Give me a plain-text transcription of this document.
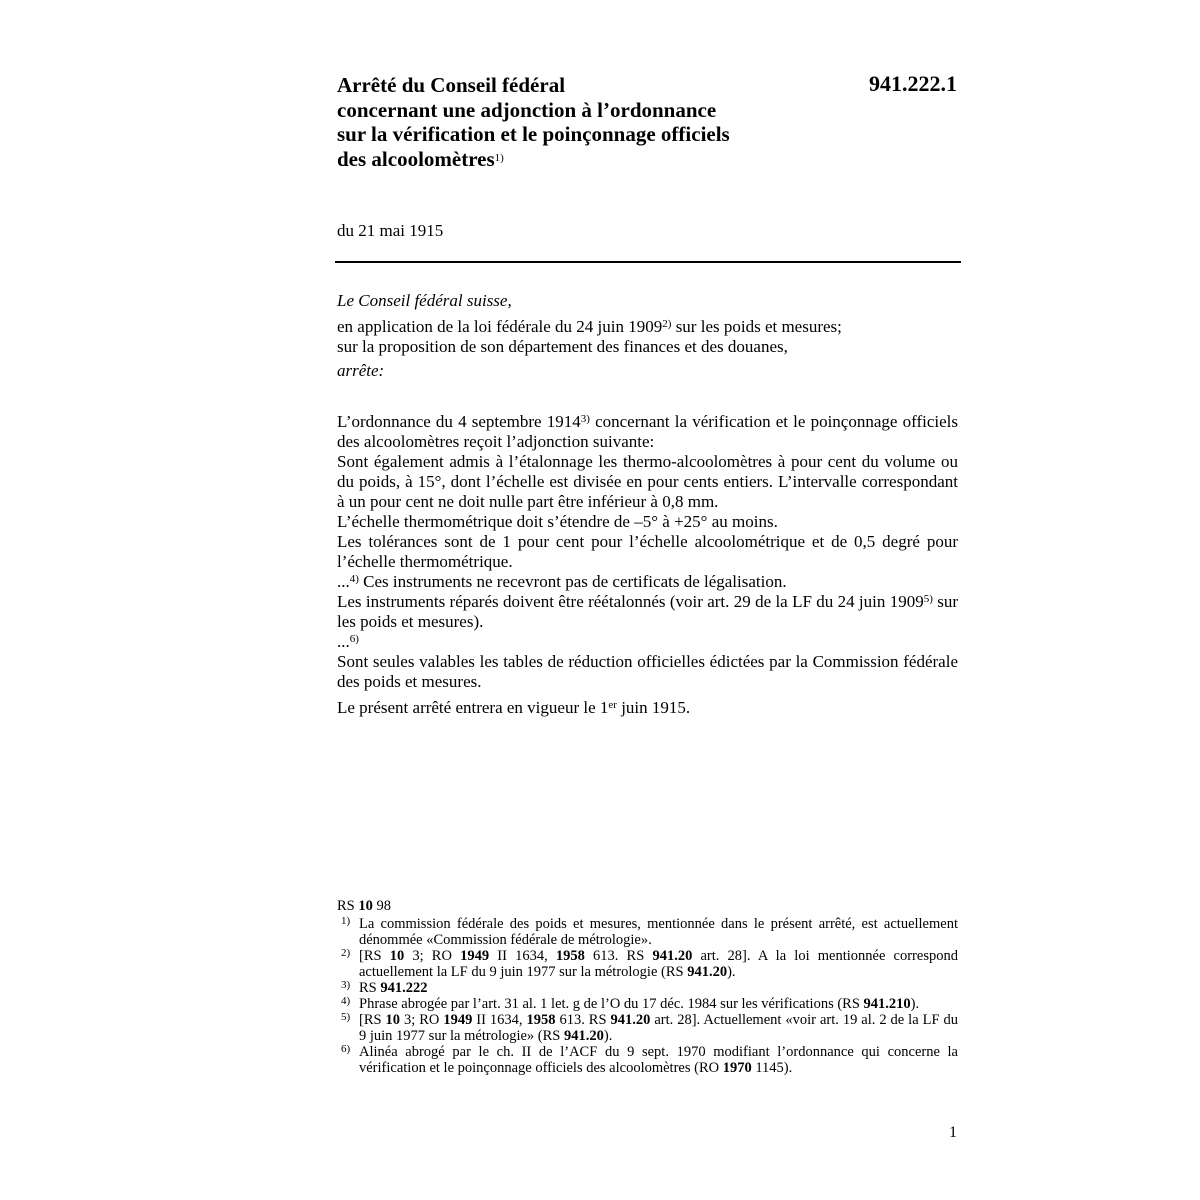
Arrêté du Conseil fédéral
concernant une adjonction à l’ordonnance
sur la vérification et le poinçonnage officiels
des alcoolomètres$^{1)}$
941.222.1
du 21 mai 1915

Le Conseil fédéral suisse,

en application de la loi fédérale du 24 juin 1909$^{2)}$ sur les poids et mesures;

sur la proposition de son département des finances et des douanes,

arrête:

L’ordonnance du 4 septembre 1914$^{3)}$ concernant la vérification et le poinçonnage officiels des alcoolomètres reçoit l’adjonction suivante:

Sont également admis à l’étalonnage les thermo-alcoolomètres à pour cent du volume ou du poids, à 15°, dont l’échelle est divisée en pour cents entiers. L’intervalle correspondant à un pour cent ne doit nulle part être inférieur à 0,8 mm.

L’échelle thermométrique doit s’étendre de –5° à +25° au moins.

Les tolérances sont de 1 pour cent pour l’échelle alcoolométrique et de 0,5 degré pour l’échelle thermométrique.

...$^{4)}$ Ces instruments ne recevront pas de certificats de légalisation.

Les instruments réparés doivent être réétalonnés (voir art. 29 de la LF du 24 juin 1909$^{5)}$ sur les poids et mesures).

...$^{6)}$

Sont seules valables les tables de réduction officielles édictées par la Commission fédérale des poids et mesures.

Le présent arrêté entrera en vigueur le 1er juin 1915.

RS 10 98
1) La commission fédérale des poids et mesures, mentionnée dans le présent arrêté, est actuellement dénommée «Commission fédérale de métrologie».
2) [RS 10 3; RO 1949 II 1634, 1958 613. RS 941.20 art. 28]. A la loi mentionnée correspond actuellement la LF du 9 juin 1977 sur la métrologie (RS 941.20).
3) RS 941.222
4) Phrase abrogée par l’art. 31 al. 1 let. g de l’O du 17 déc. 1984 sur les vérifications (RS 941.210).
5) [RS 10 3; RO 1949 II 1634, 1958 613. RS 941.20 art. 28]. Actuellement «voir art. 19 al. 2 de la LF du 9 juin 1977 sur la métrologie» (RS 941.20).
6) Alinéa abrogé par le ch. II de l’ACF du 9 sept. 1970 modifiant l’ordonnance qui concerne la vérification et le poinçonnage officiels des alcoolomètres (RO 1970 1145).
1
